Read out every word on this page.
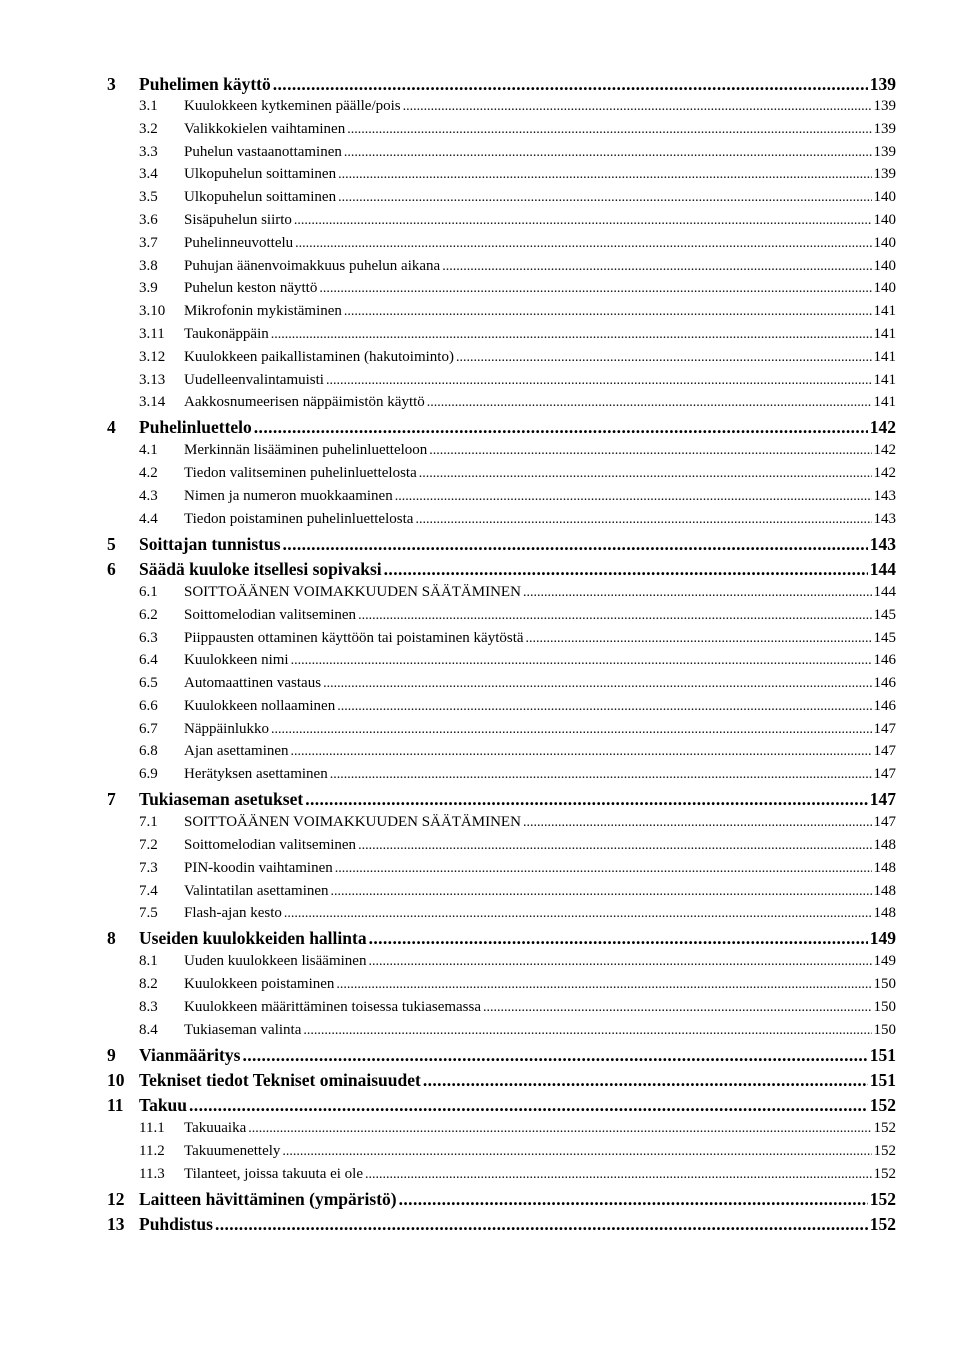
3	Puhelimen käyttö .....	139
3.1	Kuulokkeen kytkeminen päälle/pois .....	139
3.2	Valikkokielen vaihtaminen .....	139
3.3	Puhelun vastaanottaminen .....	139
3.4	Ulkopuhelun soittaminen .....	139
3.5	Ulkopuhelun soittaminen .....	140
3.6	Sisäpuhelun siirto .....	140
3.7	Puhelinneuvottelu .....	140
3.8	Puhujan äänenvoimakkuus puhelun aikana .....	140
3.9	Puhelun keston näyttö .....	140
3.10	Mikrofonin mykistäminen .....	141
3.11	Taukonäppäin .....	141
3.12	Kuulokkeen paikallistaminen (hakutoiminto) .....	141
3.13	Uudelleenvalintamuisti .....	141
3.14	Aakkosnumeerisen näppäimistön käyttö .....	141
4	Puhelinluettelo .....	142
4.1	Merkinnän lisääminen puhelinluetteloon .....	142
4.2	Tiedon valitseminen puhelinluettelosta .....	142
4.3	Nimen ja numeron muokkaaminen .....	143
4.4	Tiedon poistaminen puhelinluettelosta .....	143
5	Soittajan tunnistus .....	143
6	Säädä kuuloke itsellesi sopivaksi .....	144
6.1	SOITTOÄÄNEN VOIMAKKUUDEN SÄÄTÄMINEN .....	144
6.2	Soittomelodian valitseminen .....	145
6.3	Piippausten ottaminen käyttöön tai poistaminen käytöstä .....	145
6.4	Kuulokkeen nimi .....	146
6.5	Automaattinen vastaus .....	146
6.6	Kuulokkeen nollaaminen .....	146
6.7	Näppäinlukko .....	147
6.8	Ajan asettaminen .....	147
6.9	Herätyksen asettaminen .....	147
7	Tukiaseman asetukset .....	147
7.1	SOITTOÄÄNEN VOIMAKKUUDEN SÄÄTÄMINEN .....	147
7.2	Soittomelodian valitseminen .....	148
7.3	PIN-koodin vaihtaminen .....	148
7.4	Valintatilan asettaminen .....	148
7.5	Flash-ajan kesto .....	148
8	Useiden kuulokkeiden hallinta .....	149
8.1	Uuden kuulokkeen lisääminen .....	149
8.2	Kuulokkeen poistaminen .....	150
8.3	Kuulokkeen määrittäminen toisessa tukiasemassa .....	150
8.4	Tukiaseman valinta .....	150
9	Vianmääritys .....	151
10 Tekniset tiedot Tekniset ominaisuudet .....	151
11 Takuu .....	152
11.1	Takuuaika .....	152
11.2	Takuumenettely .....	152
11.3	Tilanteet, joissa takuuta ei ole .....	152
12 Laitteen hävittäminen (ympäristö) .....	152
13 Puhdistus .....	152
